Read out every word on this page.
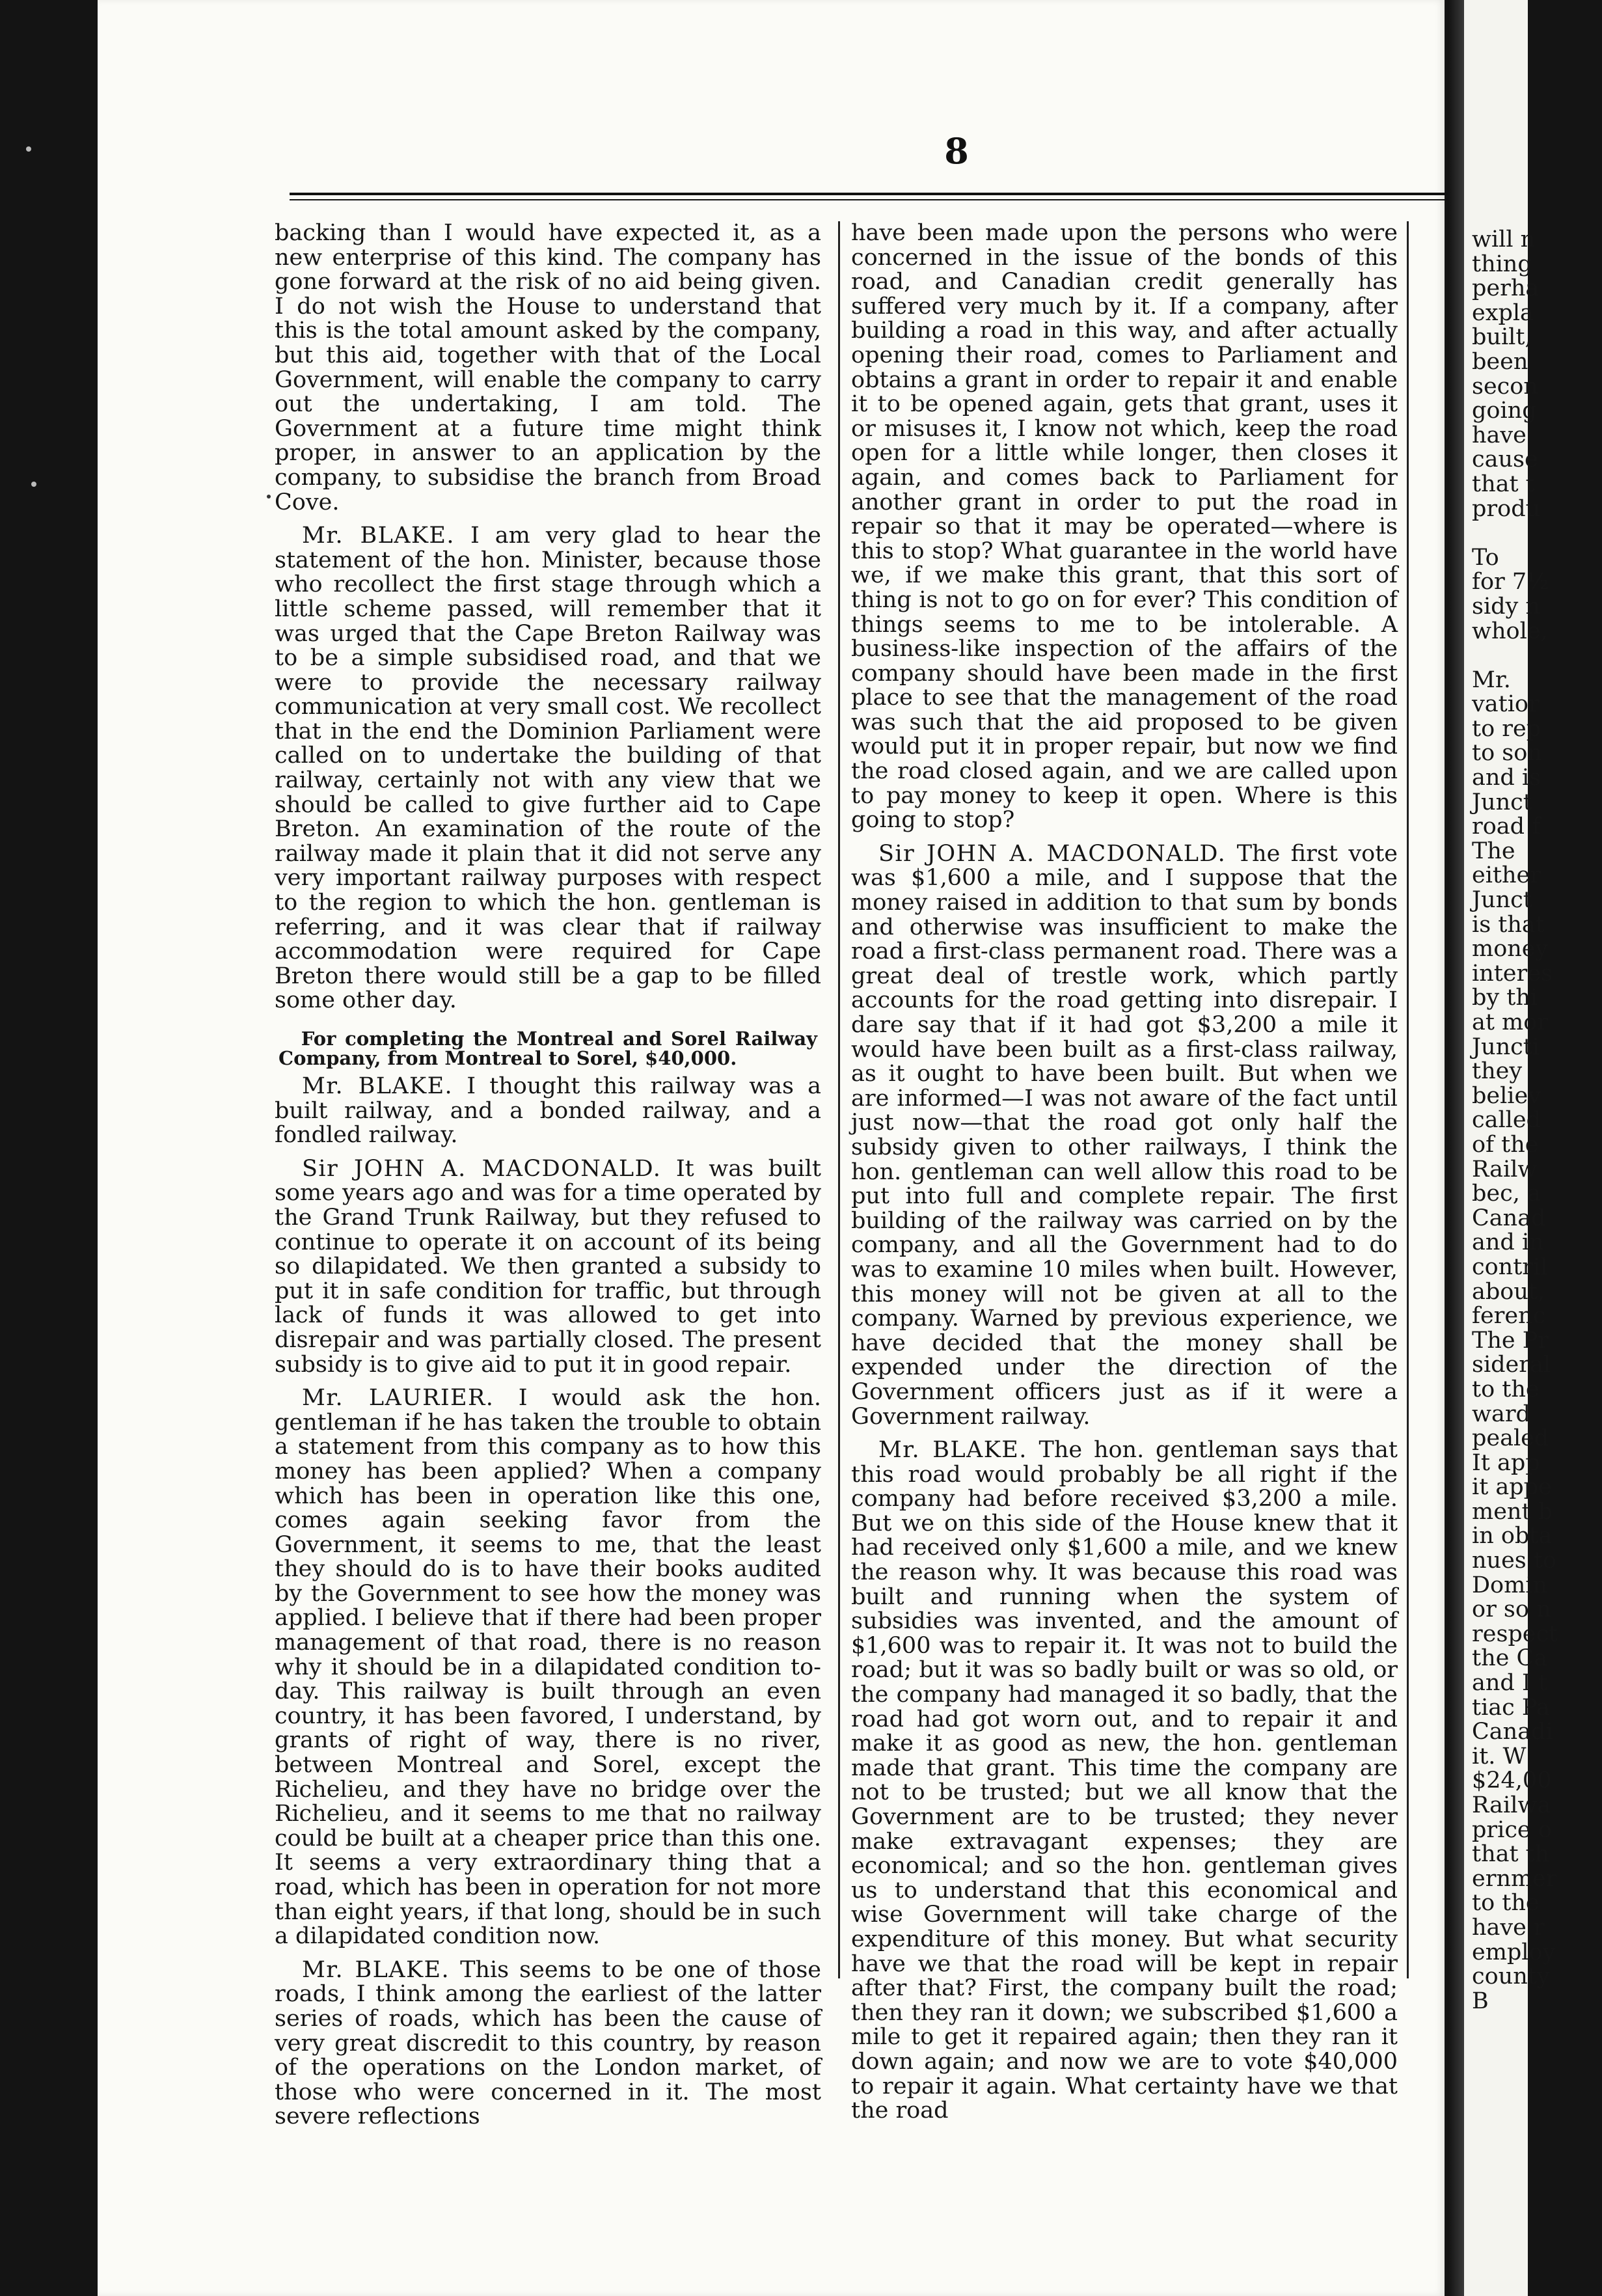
8

backing than I would have expected it, as a new enterprise of this kind. The company has gone forward at the risk of no aid being given. I do not wish the House to understand that this is the total amount asked by the company, but this aid, together with that of the Local Government, will enable the company to carry out the undertaking, I am told. The Government at a future time might think proper, in answer to an application by the company, to subsidise the branch from Broad Cove.

Mr. BLAKE. I am very glad to hear the statement of the hon. Minister, because those who recollect the first stage through which a little scheme passed, will remember that it was urged that the Cape Breton Railway was to be a simple subsidised road, and that we were to provide the necessary railway communication at very small cost. We recollect that in the end the Dominion Parliament were called on to undertake the building of that railway, certainly not with any view that we should be called to give further aid to Cape Breton. An examination of the route of the railway made it plain that it did not serve any very important railway purposes with respect to the region to which the hon. gentleman is referring, and it was clear that if railway accommodation were required for Cape Breton there would still be a gap to be filled some other day.

For completing the Montreal and Sorel Railway Company, from Montreal to Sorel, $40,000.

Mr. BLAKE. I thought this railway was a built railway, and a bonded railway, and a fondled railway.

Sir JOHN A. MACDONALD. It was built some years ago and was for a time operated by the Grand Trunk Railway, but they refused to continue to operate it on account of its being so dilapidated. We then granted a subsidy to put it in safe condition for traffic, but through lack of funds it was allowed to get into disrepair and was partially closed. The present subsidy is to give aid to put it in good repair.

Mr. LAURIER. I would ask the hon. gentleman if he has taken the trouble to obtain a statement from this company as to how this money has been applied? When a company which has been in operation like this one, comes again seeking favor from the Government, it seems to me, that the least they should do is to have their books audited by the Government to see how the money was applied. I believe that if there had been proper management of that road, there is no reason why it should be in a dilapidated condition to-day. This railway is built through an even country, it has been favored, I understand, by grants of right of way, there is no river, between Montreal and Sorel, except the Richelieu, and they have no bridge over the Richelieu, and it seems to me that no railway could be built at a cheaper price than this one. It seems a very extraordinary thing that a road, which has been in operation for not more than eight years, if that long, should be in such a dilapidated condition now.

Mr. BLAKE. This seems to be one of those roads, I think among the earliest of the latter series of roads, which has been the cause of very great discredit to this country, by reason of the operations on the London market, of those who were concerned in it. The most severe reflections

have been made upon the persons who were concerned in the issue of the bonds of this road, and Canadian credit generally has suffered very much by it. If a company, after building a road in this way, and after actually opening their road, comes to Parliament and obtains a grant in order to repair it and enable it to be opened again, gets that grant, uses it or misuses it, I know not which, keep the road open for a little while longer, then closes it again, and comes back to Parliament for another grant in order to put the road in repair so that it may be operated—where is this to stop? What guarantee in the world have we, if we make this grant, that this sort of thing is not to go on for ever? This condition of things seems to me to be intolerable. A business-like inspection of the affairs of the company should have been made in the first place to see that the management of the road was such that the aid proposed to be given would put it in proper repair, but now we find the road closed again, and we are called upon to pay money to keep it open. Where is this going to stop?

Sir JOHN A. MACDONALD. The first vote was $1,600 a mile, and I suppose that the money raised in addition to that sum by bonds and otherwise was insufficient to make the road a first-class permanent road. There was a great deal of trestle work, which partly accounts for the road getting into disrepair. I dare say that if it had got $3,200 a mile it would have been built as a first-class railway, as it ought to have been built. But when we are informed—I was not aware of the fact until just now—that the road got only half the subsidy given to other railways, I think the hon. gentleman can well allow this road to be put into full and complete repair. The first building of the railway was carried on by the company, and all the Government had to do was to examine 10 miles when built. However, this money will not be given at all to the company. Warned by previous experience, we have decided that the money shall be expended under the direction of the Government officers just as if it were a Government railway.

Mr. BLAKE. The hon. gentleman says that this road would probably be all right if the company had before received $3,200 a mile. But we on this side of the House knew that it had received only $1,600 a mile, and we knew the reason why. It was because this road was built and running when the system of subsidies was invented, and the amount of $1,600 was to repair it. It was not to build the road; but it was so badly built or was so old, or the company had managed it so badly, that the road had got worn out, and to repair it and make it as good as new, the hon. gentleman made that grant. This time the company are not to be trusted; but we all know that the Government are to be trusted; they never make extravagant expenses; they are economical; and so the hon. gentleman gives us to understand that this economical and wise Government will take charge of the expenditure of this money. But what security have we that the road will be kept in repair after that? First, the company built the road; then they ran it down; we subscribed $1,600 a mile to get it repaired again; then they ran it down again; and now we are to vote $40,000 to repair it again. What certainty have we that the road

will n
thing
perha
expla
built,
been
secon
going
have
cause
that t
produ
To
for 7½
sidy n
whole,
Mr.
vatior
to rep
to son
and is
Junct
road f
The
either
Junct
is that
money
interes
by thi
at mor
Juncti
they
believ
called
of the
Railw
bec, a
Canad
and in
contril
about,
ferenc
The Pr
sideral
to the
ward
pealed
It app
it appe
ment b
in obta
nues to
Domin
or so n
respect
the Ca
and I t
tiac Pa
Canadi
it. W
$24,00
Railwa
price o
that th
ernmer
to the
have r
employ
county
B
